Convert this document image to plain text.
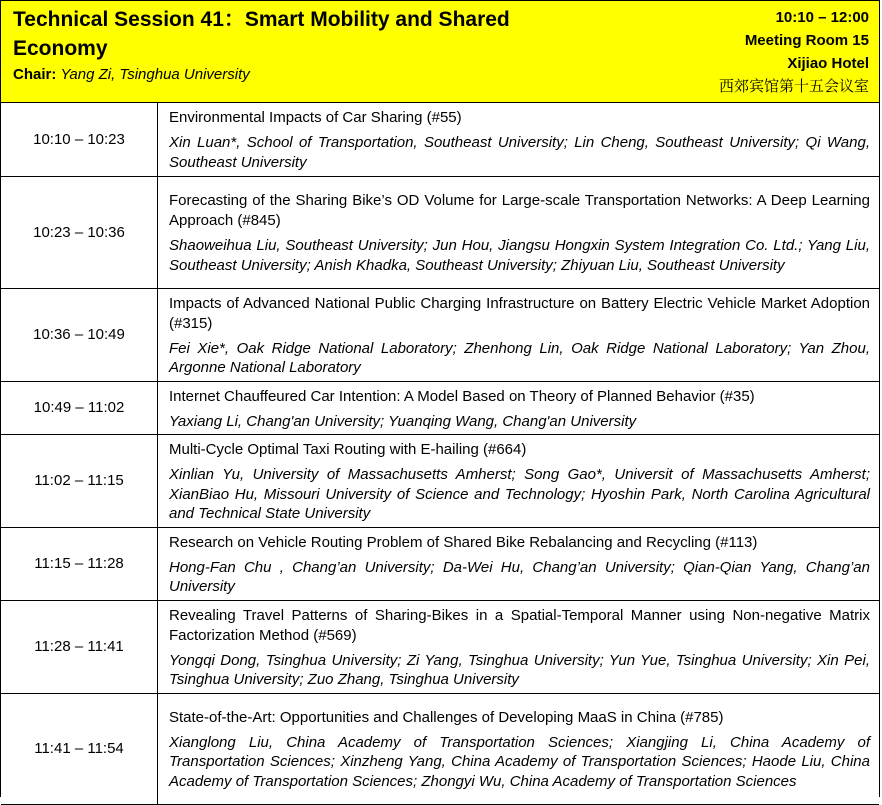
Technical Session 41：Smart Mobility and Shared Economy
Chair: Yang Zi, Tsinghua University
10:10 – 12:00
Meeting Room 15
Xijiao Hotel
西郊宾馆第十五会议室
10:10 – 10:23	Environmental Impacts of Car Sharing (#55)
Xin Luan*, School of Transportation, Southeast University; Lin Cheng, Southeast University; Qi Wang, Southeast University

10:23 – 10:36	Forecasting of the Sharing Bike’s OD Volume for Large-scale Transportation Networks: A Deep Learning Approach (#845)
Shaoweihua Liu, Southeast University; Jun Hou, Jiangsu Hongxin System Integration Co. Ltd.; Yang Liu, Southeast University; Anish Khadka, Southeast University; Zhiyuan Liu, Southeast University

10:36 – 10:49	Impacts of Advanced National Public Charging Infrastructure on Battery Electric Vehicle Market Adoption (#315)
Fei Xie*, Oak Ridge National Laboratory; Zhenhong Lin, Oak Ridge National Laboratory; Yan Zhou, Argonne National Laboratory

10:49 – 11:02	Internet Chauffeured Car Intention: A Model Based on Theory of Planned Behavior (#35)
Yaxiang Li, Chang'an University; Yuanqing Wang, Chang'an University

11:02 – 11:15	Multi-Cycle Optimal Taxi Routing with E-hailing (#664)
Xinlian Yu, University of Massachusetts Amherst; Song Gao*, Universit of Massachusetts Amherst; XianBiao Hu, Missouri University of Science and Technology; Hyoshin Park, North Carolina Agricultural and Technical State University

11:15 – 11:28	Research on Vehicle Routing Problem of Shared Bike Rebalancing and Recycling (#113)
Hong-Fan Chu , Chang’an University; Da-Wei Hu, Chang’an University; Qian-Qian Yang, Chang’an University

11:28 – 11:41	Revealing Travel Patterns of Sharing-Bikes in a Spatial-Temporal Manner using Non-negative Matrix Factorization Method (#569)
Yongqi Dong, Tsinghua University; Zi Yang, Tsinghua University; Yun Yue, Tsinghua University; Xin Pei, Tsinghua University; Zuo Zhang, Tsinghua University

11:41 – 11:54	State-of-the-Art: Opportunities and Challenges of Developing MaaS in China (#785)
Xianglong Liu, China Academy of Transportation Sciences; Xiangjing Li, China Academy of Transportation Sciences; Xinzheng Yang, China Academy of Transportation Sciences; Haode Liu, China Academy of Transportation Sciences; Zhongyi Wu, China Academy of Transportation Sciences
